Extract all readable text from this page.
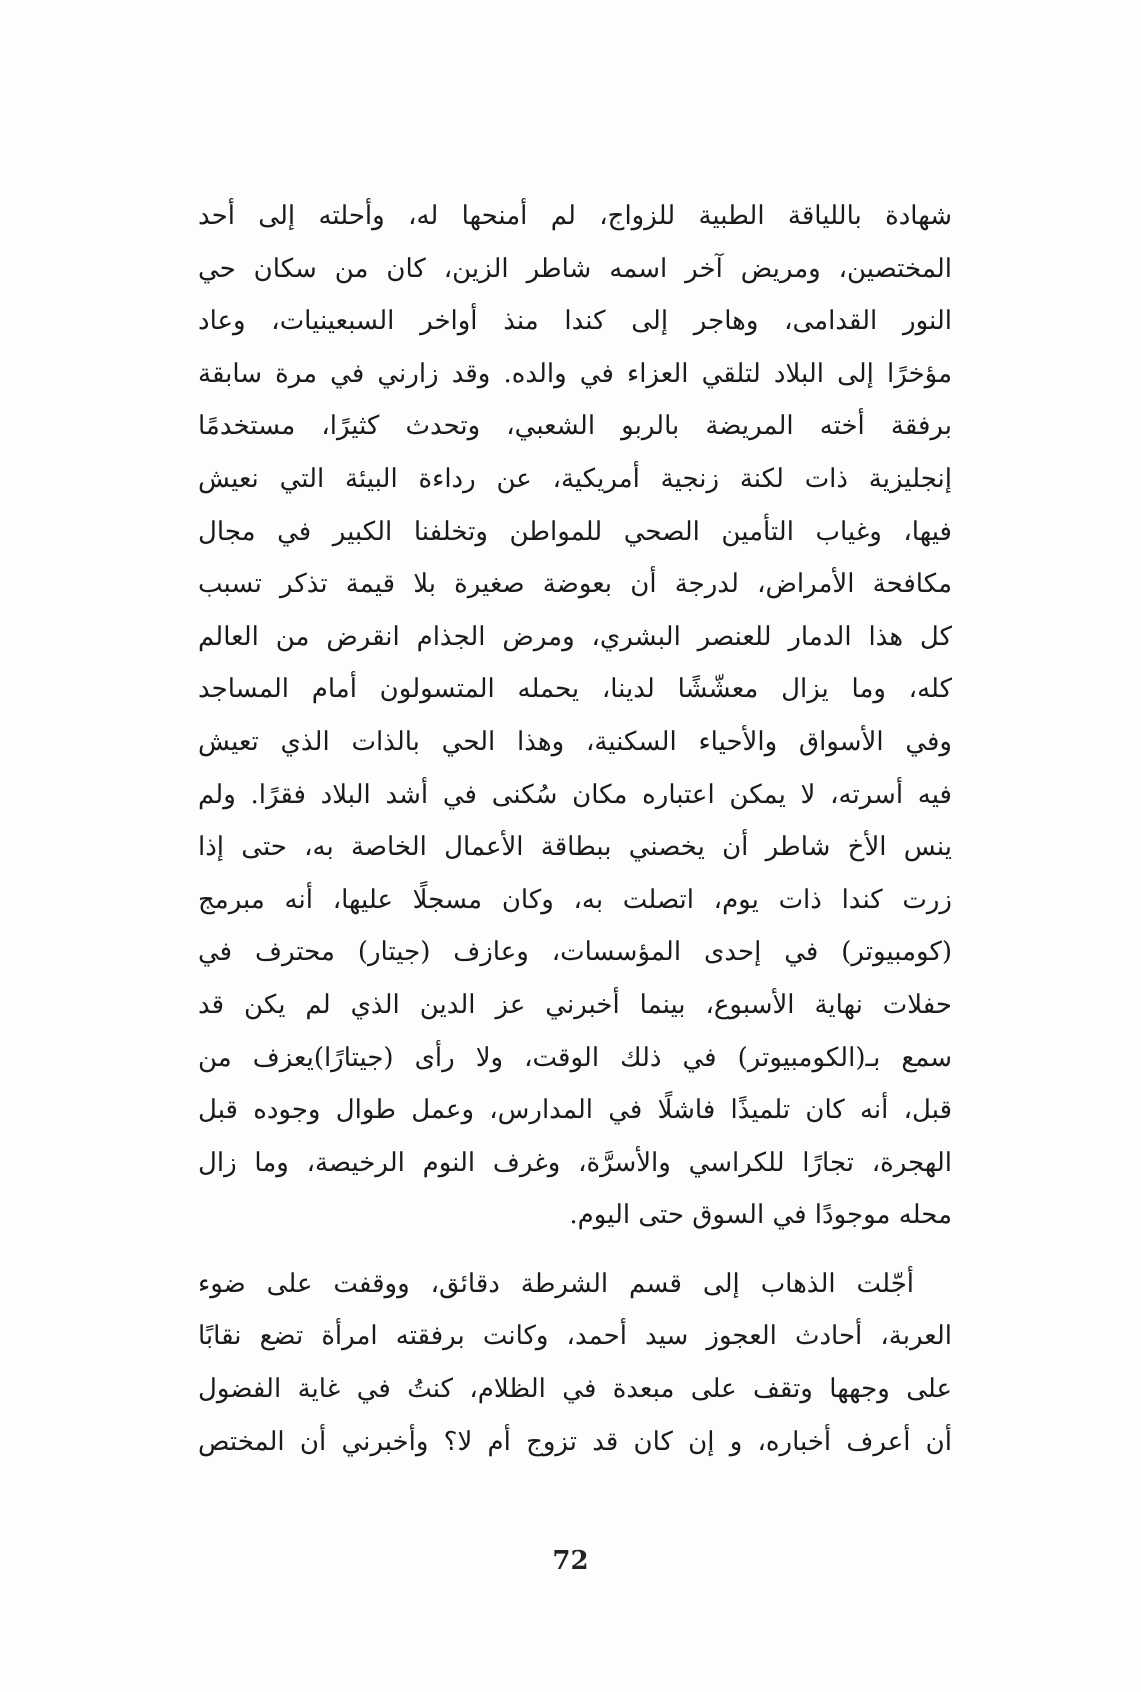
شهادة باللياقة الطبية للزواج، لم أمنحها له، وأحلته إلى أحد
المختصين، ومريض آخر اسمه شاطر الزين، كان من سكان حي
النور القدامى، وهاجر إلى كندا منذ أواخر السبعينيات، وعاد
مؤخرًا إلى البلاد لتلقي العزاء في والده. وقد زارني في مرة سابقة
برفقة أخته المريضة بالربو الشعبي، وتحدث كثيرًا، مستخدمًا
إنجليزية ذات لكنة زنجية أمريكية، عن رداءة البيئة التي نعيش
فيها، وغياب التأمين الصحي للمواطن وتخلفنا الكبير في مجال
مكافحة الأمراض، لدرجة أن بعوضة صغيرة بلا قيمة تذكر تسبب
كل هذا الدمار للعنصر البشري، ومرض الجذام انقرض من العالم
كله، وما يزال معشّشًا لدينا، يحمله المتسولون أمام المساجد
وفي الأسواق والأحياء السكنية، وهذا الحي بالذات الذي تعيش
فيه أسرته، لا يمكن اعتباره مكان سُكنى في أشد البلاد فقرًا. ولم
ينس الأخ شاطر أن يخصني ببطاقة الأعمال الخاصة به، حتى إذا
زرت كندا ذات يوم، اتصلت به، وكان مسجلًا عليها، أنه مبرمج
(كومبيوتر) في إحدى المؤسسات، وعازف (جيتار) محترف في
حفلات نهاية الأسبوع، بينما أخبرني عز الدين الذي لم يكن قد
سمع بـ(الكومبيوتر) في ذلك الوقت، ولا رأى (جيتارًا)يعزف من
قبل، أنه كان تلميذًا فاشلًا في المدارس، وعمل طوال وجوده قبل
الهجرة، تجارًا للكراسي والأسرَّة، وغرف النوم الرخيصة، وما زال
محله موجودًا في السوق حتى اليوم.
أجّلت الذهاب إلى قسم الشرطة دقائق، ووقفت على ضوء
العربة، أحادث العجوز سيد أحمد، وكانت برفقته امرأة تضع نقابًا
على وجهها وتقف على مبعدة في الظلام، كنتُ في غاية الفضول
أن أعرف أخباره، و إن كان قد تزوج أم لا؟ وأخبرني أن المختص
72
